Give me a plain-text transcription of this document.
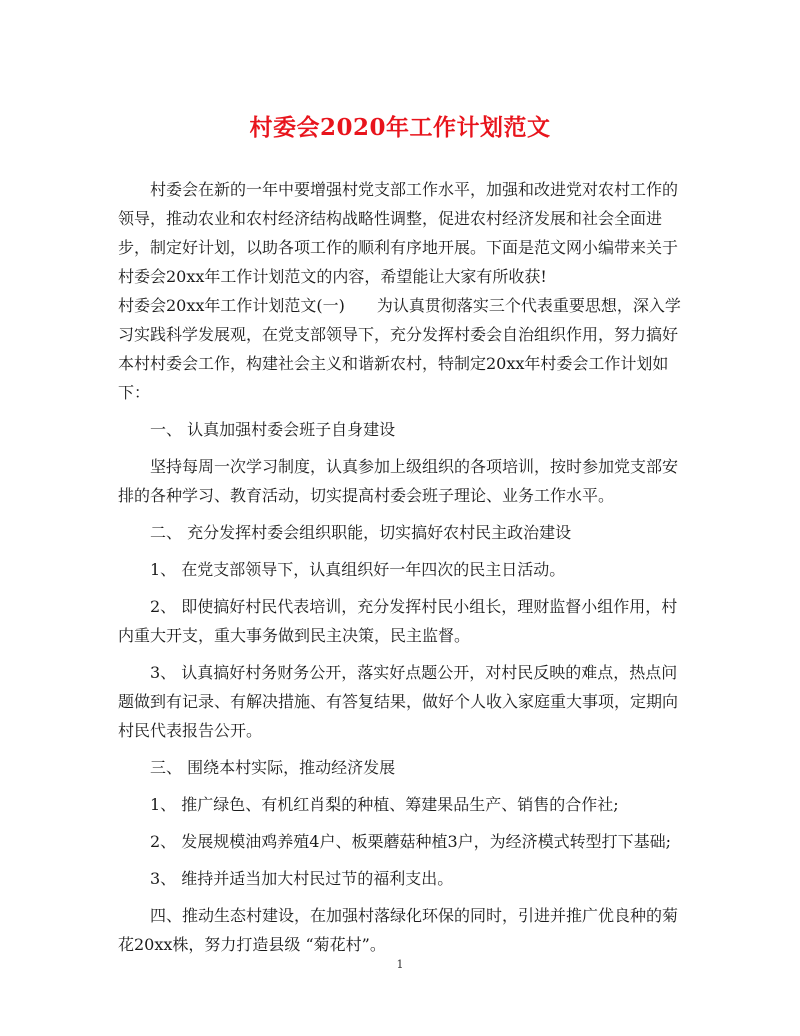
村委会2020年工作计划范文

村委会在新的一年中要增强村党支部工作水平，加强和改进党对农村工作的领导，推动农业和农村经济结构战略性调整，促进农村经济发展和社会全面进步，制定好计划，以助各项工作的顺利有序地开展。下面是范文网小编带来关于村委会20xx年工作计划范文的内容，希望能让大家有所收获!

村委会20xx年工作计划范文(一)　　为认真贯彻落实三个代表重要思想，深入学习实践科学发展观，在党支部领导下，充分发挥村委会自治组织作用，努力搞好本村村委会工作，构建社会主义和谐新农村，特制定20xx年村委会工作计划如下：

一、 认真加强村委会班子自身建设

坚持每周一次学习制度，认真参加上级组织的各项培训，按时参加党支部安排的各种学习、教育活动，切实提高村委会班子理论、业务工作水平。

二、 充分发挥村委会组织职能，切实搞好农村民主政治建设

1、 在党支部领导下，认真组织好一年四次的民主日活动。

2、 即使搞好村民代表培训，充分发挥村民小组长，理财监督小组作用，村内重大开支，重大事务做到民主决策，民主监督。

3、 认真搞好村务财务公开，落实好点题公开，对村民反映的难点，热点问题做到有记录、有解决措施、有答复结果，做好个人收入家庭重大事项，定期向村民代表报告公开。

三、 围绕本村实际，推动经济发展

1、 推广绿色、有机红肖梨的种植、筹建果品生产、销售的合作社;

2、 发展规模油鸡养殖4户、板栗蘑菇种植3户，为经济模式转型打下基础;

3、 维持并适当加大村民过节的福利支出。

四、推动生态村建设，在加强村落绿化环保的同时，引进并推广优良种的菊花20xx株，努力打造县级 “菊花村”。

1
